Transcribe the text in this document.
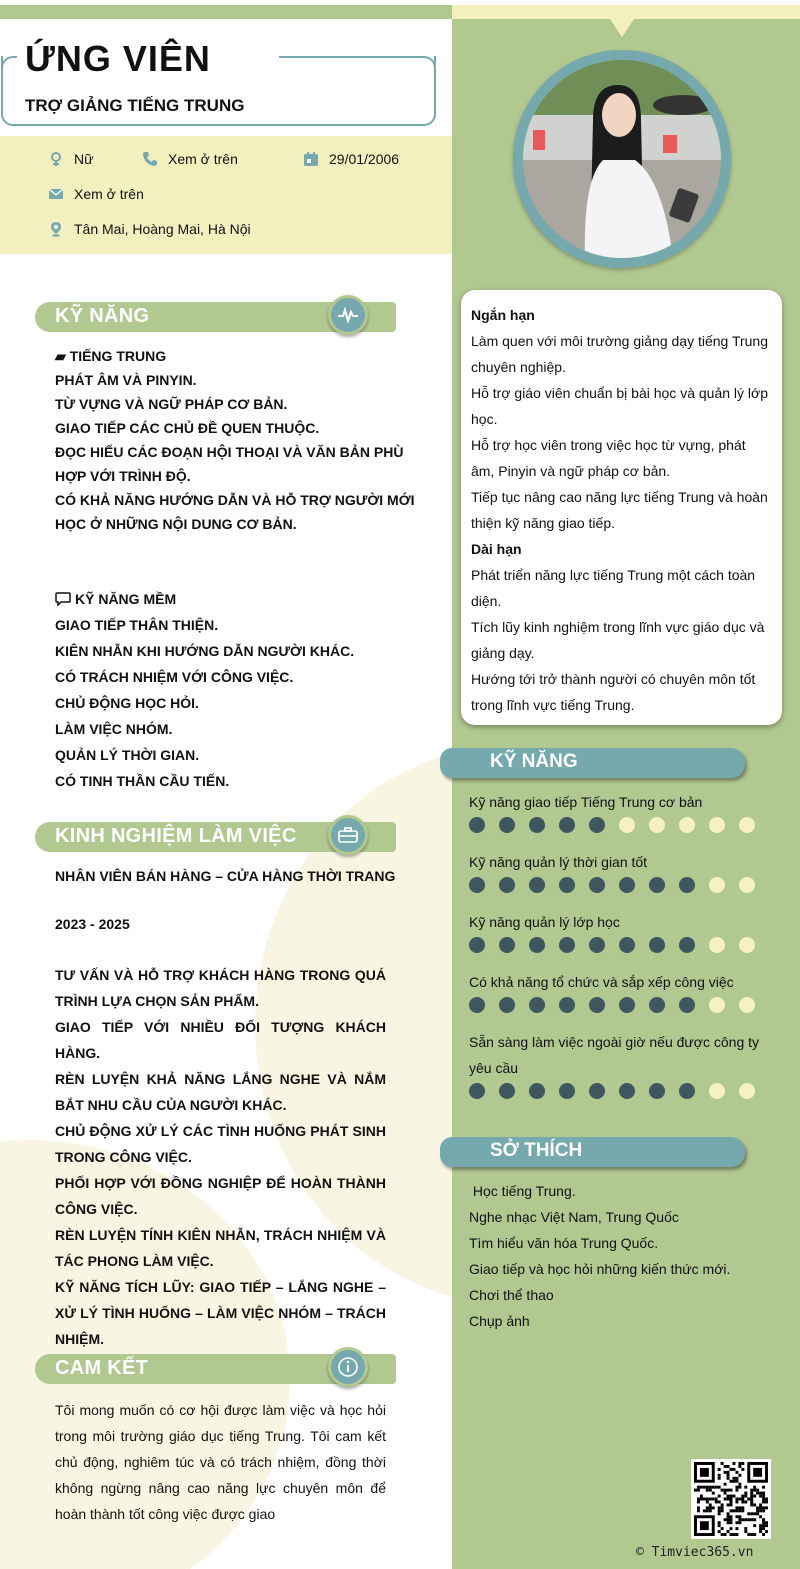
ỨNG VIÊN
TRỢ GIẢNG TIẾNG TRUNG
Nữ	Xem ở trên	29/01/2006
Xem ở trên
Tân Mai, Hoàng Mai, Hà Nội
KỸ NĂNG
▰ TIẾNG TRUNG
PHÁT ÂM VÀ PINYIN.
TỪ VỰNG VÀ NGỮ PHÁP CƠ BẢN.
GIAO TIẾP CÁC CHỦ ĐỀ QUEN THUỘC.
ĐỌC HIỂU CÁC ĐOẠN HỘI THOẠI VÀ VĂN BẢN PHÙ
HỢP VỚI TRÌNH ĐỘ.
CÓ KHẢ NĂNG HƯỚNG DẪN VÀ HỖ TRỢ NGƯỜI MỚI
HỌC Ở NHỮNG NỘI DUNG CƠ BẢN.
KỸ NĂNG MỀM
GIAO TIẾP THÂN THIỆN.
KIÊN NHẪN KHI HƯỚNG DẪN NGƯỜI KHÁC.
CÓ TRÁCH NHIỆM VỚI CÔNG VIỆC.
CHỦ ĐỘNG HỌC HỎI.
LÀM VIỆC NHÓM.
QUẢN LÝ THỜI GIAN.
CÓ TINH THẦN CẦU TIẾN.
KINH NGHIỆM LÀM VIỆC
NHÂN VIÊN BÁN HÀNG – CỬA HÀNG THỜI TRANG
2023 - 2025
TƯ VẤN VÀ HỖ TRỢ KHÁCH HÀNG TRONG QUÁ TRÌNH LỰA CHỌN SẢN PHẨM.
GIAO TIẾP VỚI NHIỀU ĐỐI TƯỢNG KHÁCH HÀNG.
RÈN LUYỆN KHẢ NĂNG LẮNG NGHE VÀ NẮM BẮT NHU CẦU CỦA NGƯỜI KHÁC.
CHỦ ĐỘNG XỬ LÝ CÁC TÌNH HUỐNG PHÁT SINH TRONG CÔNG VIỆC.
PHỐI HỢP VỚI ĐỒNG NGHIỆP ĐỂ HOÀN THÀNH CÔNG VIỆC.
RÈN LUYỆN TÍNH KIÊN NHẪN, TRÁCH NHIỆM VÀ TÁC PHONG LÀM VIỆC.
KỸ NĂNG TÍCH LŨY: GIAO TIẾP – LẮNG NGHE – XỬ LÝ TÌNH HUỐNG – LÀM VIỆC NHÓM – TRÁCH NHIỆM.
CAM KẾT
Tôi mong muốn có cơ hội được làm việc và học hỏi trong môi trường giáo dục tiếng Trung. Tôi cam kết chủ động, nghiêm túc và có trách nhiệm, đồng thời không ngừng nâng cao năng lực chuyên môn để hoàn thành tốt công việc được giao
Ngắn hạn
Làm quen với môi trường giảng dạy tiếng Trung chuyên nghiệp.
Hỗ trợ giáo viên chuẩn bị bài học và quản lý lớp học.
Hỗ trợ học viên trong việc học từ vựng, phát âm, Pinyin và ngữ pháp cơ bản.
Tiếp tục nâng cao năng lực tiếng Trung và hoàn thiện kỹ năng giao tiếp.
Dài hạn
Phát triển năng lực tiếng Trung một cách toàn diện.
Tích lũy kinh nghiệm trong lĩnh vực giáo dục và giảng dạy.
Hướng tới trở thành người có chuyên môn tốt trong lĩnh vực tiếng Trung.
KỸ NĂNG
Kỹ năng giao tiếp Tiếng Trung cơ bản
Kỹ năng quản lý thời gian tốt
Kỹ năng quản lý lớp học
Có khả năng tổ chức và sắp xếp công việc
Sẵn sàng làm việc ngoài giờ nếu được công ty yêu cầu
SỞ THÍCH
Học tiếng Trung.
Nghe nhạc Việt Nam, Trung Quốc
Tìm hiểu văn hóa Trung Quốc.
Giao tiếp và học hỏi những kiến thức mới.
Chơi thể thao
Chụp ảnh
© Timviec365.vn
